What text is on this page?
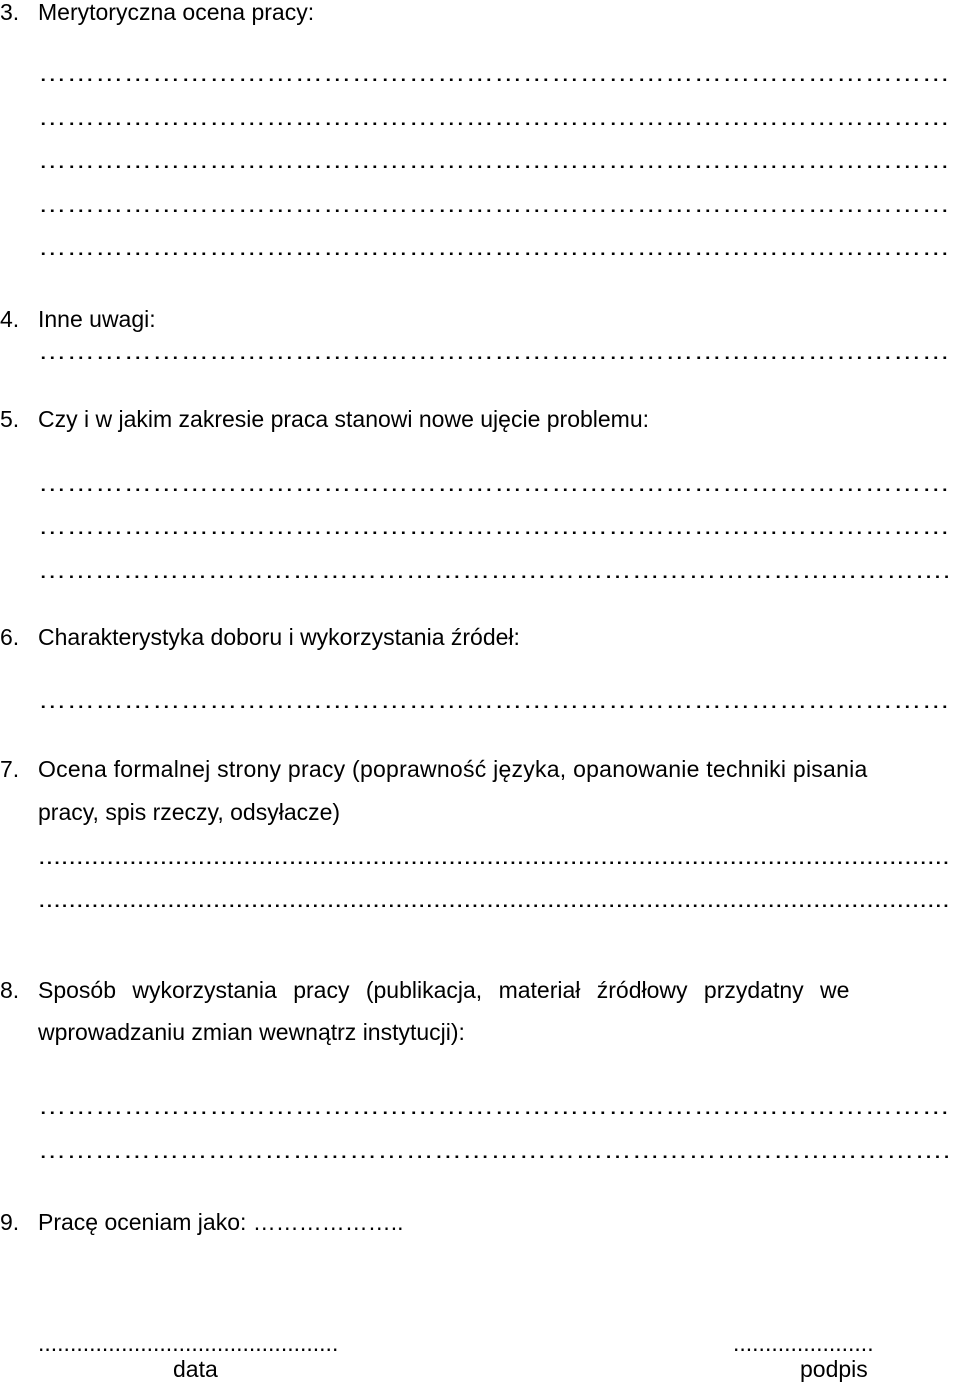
3. Merytoryczna ocena pracy:
……………………………………………………………………………………
……………………………………………………………………………………
……………………………………………………………………………………
……………………………………………………………………………………
……………………………………………………………………………………
4. Inne uwagi:
……………………………………………………………………………………
5. Czy i w jakim zakresie praca stanowi nowe ujęcie problemu:
……………………………………………………………………………………
……………………………………………………………………………………
…………………………………………………………………………………….
6. Charakterystyka doboru i wykorzystania źródeł:
……………………………………………………………………………………
7. Ocena formalnej strony pracy (poprawność języka, opanowanie techniki pisania
pracy, spis rzeczy, odsyłacze)
........................................................................................................................
........................................................................................................................
8. Sposób wykorzystania pracy (publikacja, materiał źródłowy przydatny we
wprowadzaniu zmian wewnątrz instytucji):
……………………………………………………………………………………
…………………………………………………………………………………….
9. Pracę oceniam jako: ………………..
...............................................
data
......................
podpis
